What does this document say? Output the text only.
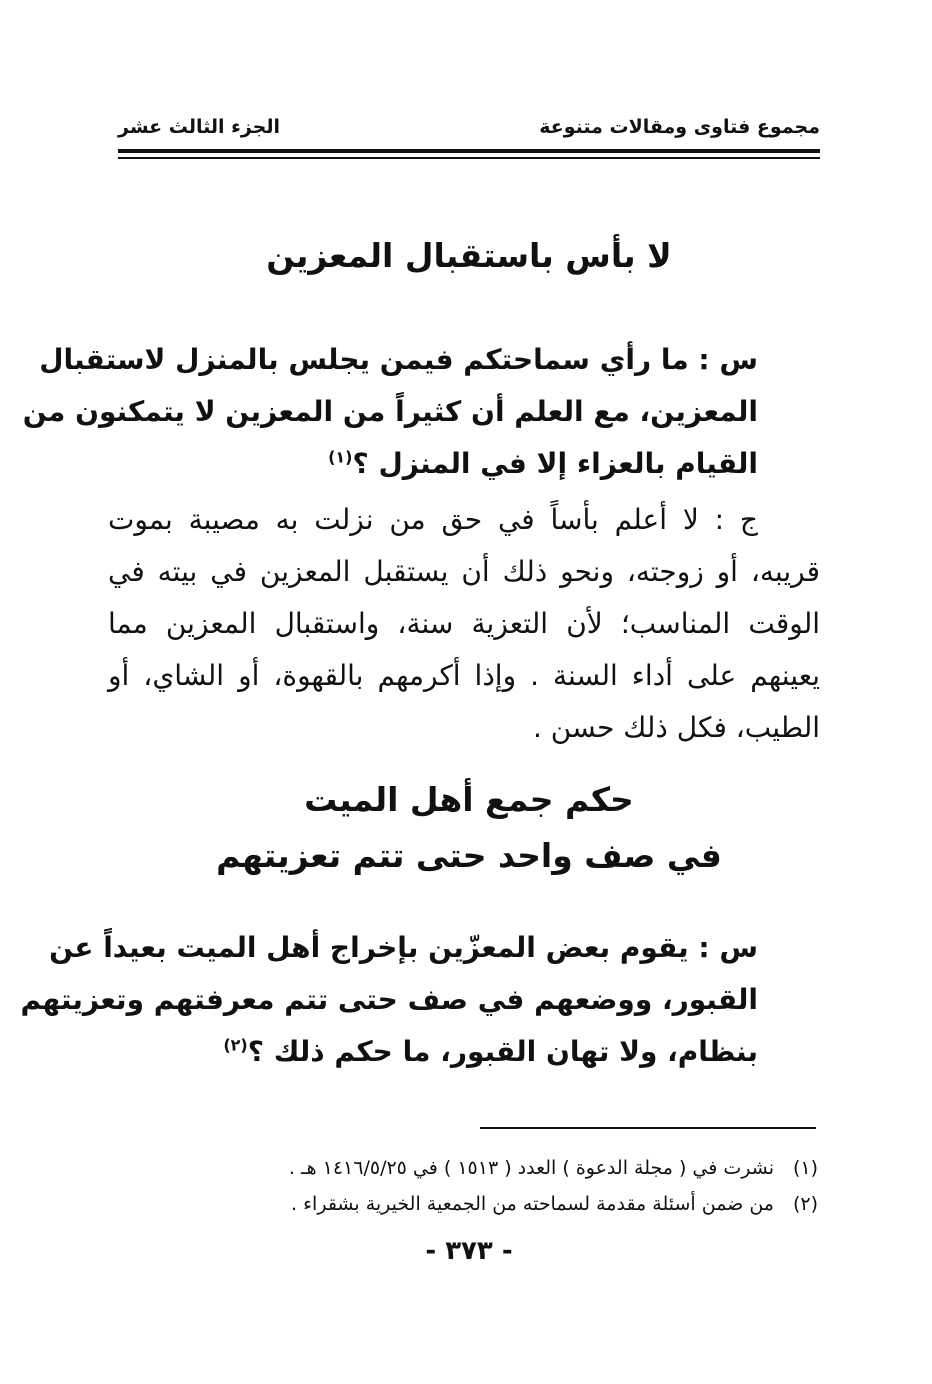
مجموع فتاوى ومقالات متنوعة
الجزء الثالث عشر
لا بأس باستقبال المعزين
س : ما رأي سماحتكم فيمن يجلس بالمنزل لاستقبال
المعزين، مع العلم أن كثيراً من المعزين لا يتمكنون من
القيام بالعزاء إلا في المنزل ؟$^{(١)}$
ج : لا أعلم بأساً في حق من نزلت به مصيبة بموت
قريبه، أو زوجته، ونحو ذلك أن يستقبل المعزين في بيته في
الوقت المناسب؛ لأن التعزية سنة، واستقبال المعزين مما
يعينهم على أداء السنة . وإذا أكرمهم بالقهوة، أو الشاي، أو
الطيب، فكل ذلك حسن .
حكم جمع أهل الميت
في صف واحد حتى تتم تعزيتهم
س : يقوم بعض المعزّين بإخراج أهل الميت بعيداً عن
القبور، ووضعهم في صف حتى تتم معرفتهم وتعزيتهم
بنظام، ولا تهان القبور، ما حكم ذلك ؟$^{(٢)}$
(١)نشرت في ( مجلة الدعوة ) العدد ( ١٥١٣ ) في ١٤١٦/٥/٢٥ هـ .
(٢)من ضمن أسئلة مقدمة لسماحته من الجمعية الخيرية بشقراء .
- ٣٧٣ -
